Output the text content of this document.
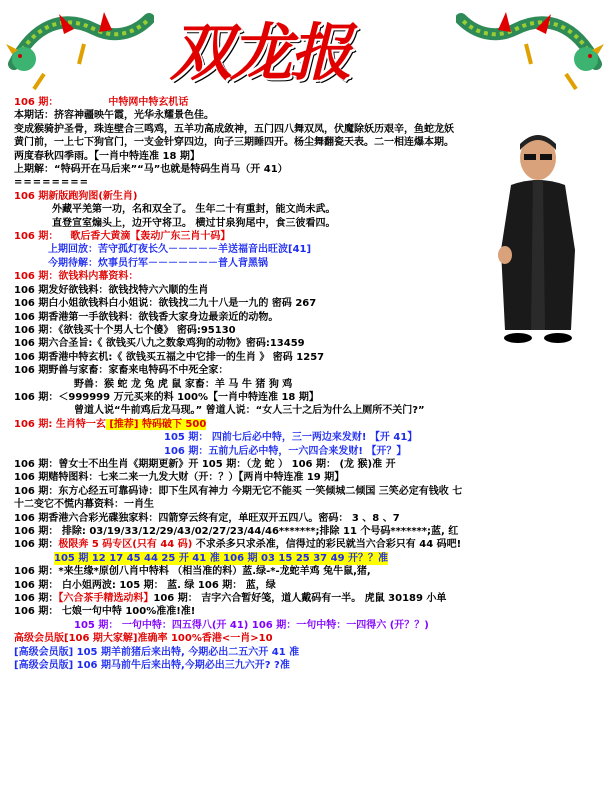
双龙报
106 期：	中特网中特玄机话
本期话：挤容神疆映午霞，光华永耀景色佳。
变成猴骑护圣骨，珠连壁合三鸣鸡，五羊功高成敛神，五门四八舞双凤，伏魔除妖历艰辛，鱼蛇龙妖
黄门前，一上七下狗官门，一支金针穿四边，向子三期睡四开。杨尘舞翻瓷天表。二一相连爆本期。
两度春秋四季雨。【一肖中特连准 18 期】
上期解：“特码开在马后来”“马”也就是特码生肖马（开 41）
========
106 期新版跑狗图(新生肖)
外藏平羌第一功，名和双全了。 生年二十有重封，能文尚未武。
直登宣室煽头上，边开守将卫。 横过甘泉狗尾中，食三彼看四。
106 期： 歌后香大黄滴【轰动广东三肖十码】
上期回放：苦守孤灯夜长久－－－－－羊送福音出旺波[41]
今期待解：炊事员行军－－－－－－－普人背黑锅
106 期：欲钱料内幕资料：
106 期发好欲钱料：欲钱找特六六顺的生肖
106 期白小姐欲钱料白小姐说：欲钱找二九十八是一九的 密码 267
106 期香港第一手欲钱料：欲钱香大家身边最亲近的动物。
106 期：《欲钱买十个男人七个傻》 密码:95130
106 期六合圣旨:《 欲钱买八九之数象鸡狗的动物》密码:13459
106 期香港中特玄机:《 欲钱买五福之中它排一的生肖 》 密码 1257
106 期野兽与家畜：家畜来电特码不中死全家：
野兽：猴 蛇 龙 兔 虎 鼠 家畜：羊 马 牛 猪 狗 鸡
106 期：＜999999 万元买来的料 100%【一肖中特连准 18 期】
曾道人说“牛前鸡后龙马现。” 曾道人说：“女人三十之后为什么上厕所不关门?”
106 期: 生肖特一玄 [推荐] 特码破下 500
105 期： 四前七后必中特，三一两边来发财! 【开 41】
106 期：五前九后必中特，一六四合来发财! 【开？】
106 期：曾女士不出生肖《期期更新》开 105 期：（龙 蛇 ） 106 期： (龙 猴)准 开
106 期赌特图料：七来二来一九发大财（开：？）【两肖中特连准 19 期】
106 期：东方心经五可靠码诗：即下生风有神力 今期无它不能买 一笑倾城二倾国 三笑必定有钱收 七
十二变它不慌内幕资料：一肖生
106 期香港六合彩光碟独家料：四箭穿云终有定，单旺双开五四八。密码： 3 、8 、7
106 期： 排除: 03/19/33/12/29/43/02/27/23/44/46*******;排除 11 个号码*******;蓝, 红
106 期：极限奔 5 码专区(只有 44 码) 不求杀多只求杀准，信得过的彩民就当六合彩只有 44 码吧!
105 期 12 17 45 44 25 开 41 准 106 期 03 15 25 37 49 开？？准
106 期：*来生缘*原创八肖中特料 （相当准的料）蓝.绿-*-龙蛇羊鸡 兔牛鼠,猪,
106 期： 白小姐两波: 105 期： 蓝. 绿 106 期： 蓝，绿
106 期：【六合茶手精选动料】106 期： 吉字六合暂好笺，道人戴码有一半。 虎鼠 30189 小单
106 期： 七娘一句中特 100%准准!准!
105 期： 一句中特：四五得八(开 41) 106 期：一句中特：一四得六 (开？？)
高级会员版[106 期大家解]准确率 100%香港<一肖>10
[高级会员版] 105 期羊前猪后来出特, 今期必出二五六开 41 准
[高级会员版] 106 期马前牛后来出特,今期必出三九六开? ?准
